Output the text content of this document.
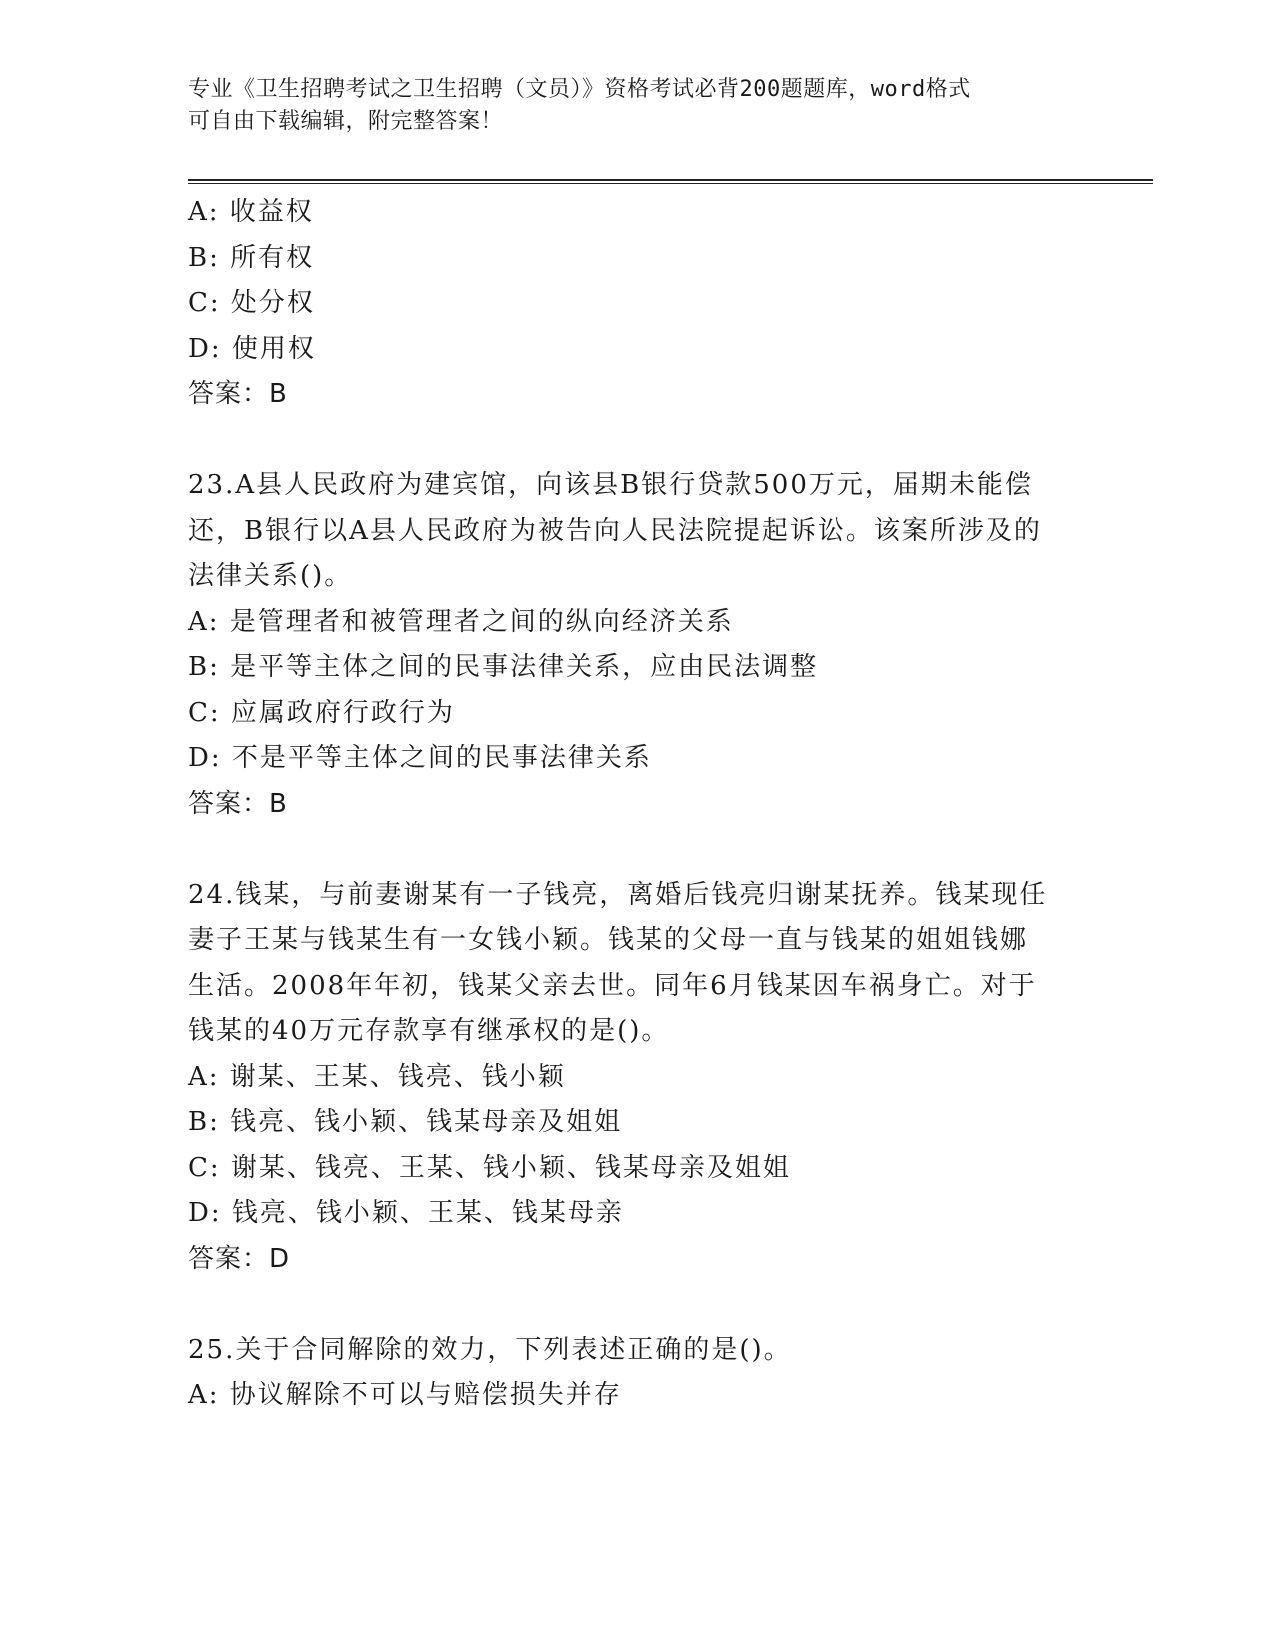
专业《卫生招聘考试之卫生招聘（文员）》资格考试必背200题题库，word格式
可自由下载编辑，附完整答案！
A: 收益权
B: 所有权
C: 处分权
D: 使用权
答案：B
23.A县人民政府为建宾馆，向该县B银行贷款500万元，届期未能偿
还，B银行以A县人民政府为被告向人民法院提起诉讼。该案所涉及的
法律关系()。
A: 是管理者和被管理者之间的纵向经济关系
B: 是平等主体之间的民事法律关系，应由民法调整
C: 应属政府行政行为
D: 不是平等主体之间的民事法律关系
答案：B
24.钱某，与前妻谢某有一子钱亮，离婚后钱亮归谢某抚养。钱某现任
妻子王某与钱某生有一女钱小颖。钱某的父母一直与钱某的姐姐钱娜
生活。2008年年初，钱某父亲去世。同年6月钱某因车祸身亡。对于
钱某的40万元存款享有继承权的是()。
A: 谢某、王某、钱亮、钱小颖
B: 钱亮、钱小颖、钱某母亲及姐姐
C: 谢某、钱亮、王某、钱小颖、钱某母亲及姐姐
D: 钱亮、钱小颖、王某、钱某母亲
答案：D
25.关于合同解除的效力，下列表述正确的是()。
A: 协议解除不可以与赔偿损失并存
